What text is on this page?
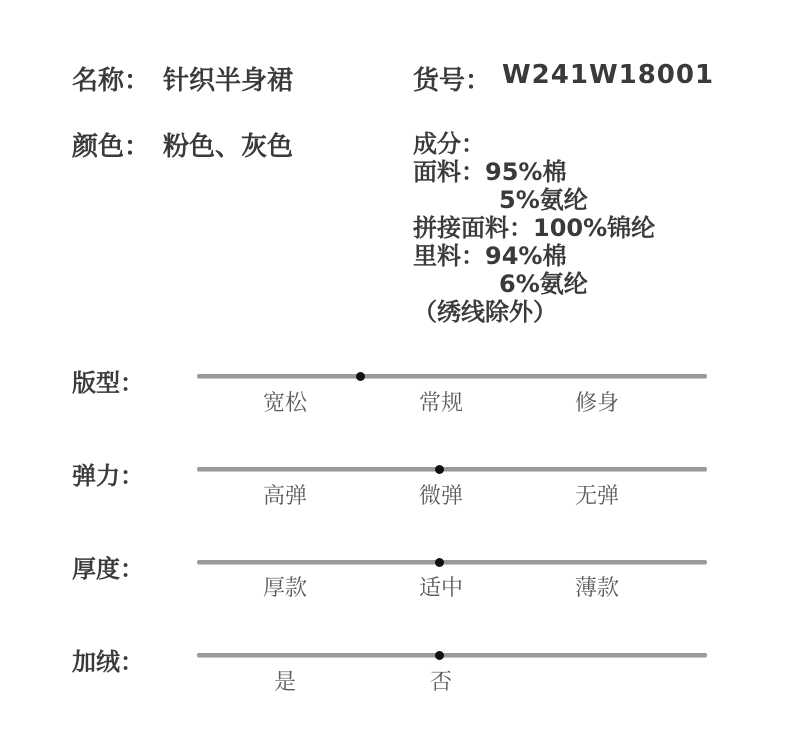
名称： 针织半身裙	货号： W241W18001
颜色： 粉色、灰色	成分：
面料：95%棉
5%氨纶
拼接面料：100%锦纶
里料：94%棉
6%氨纶
（绣线除外）
版型：
宽松	常规	修身
弹力：
高弹	微弹	无弹
厚度：
厚款	适中	薄款
加绒：
是	否
